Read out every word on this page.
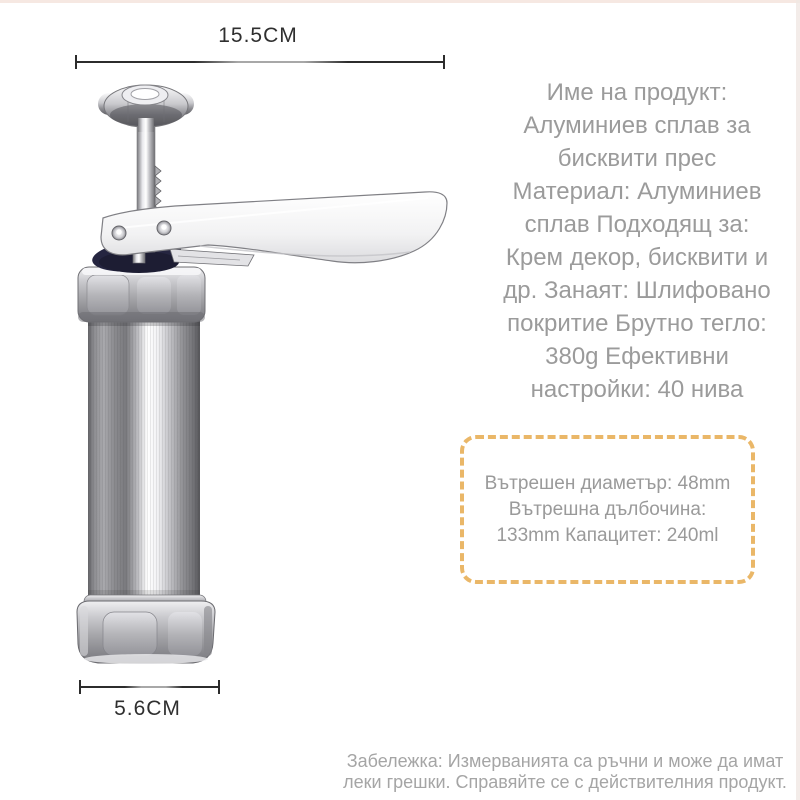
15.5CM
Име на продукт:
Алуминиев сплав за
бисквити прес
Материал: Алуминиев
сплав Подходящ за:
Крем декор, бисквити и
др. Занаят: Шлифовано
покритие Брутно тегло:
380g Ефективни
настройки: 40 нива
Вътрешен диаметър: 48mm
Вътрешна дълбочина:
133mm Капацитет: 240ml
5.6CM
Забележка: Измерванията са ръчни и може да имат
леки грешки. Справяйте се с действителния продукт.
